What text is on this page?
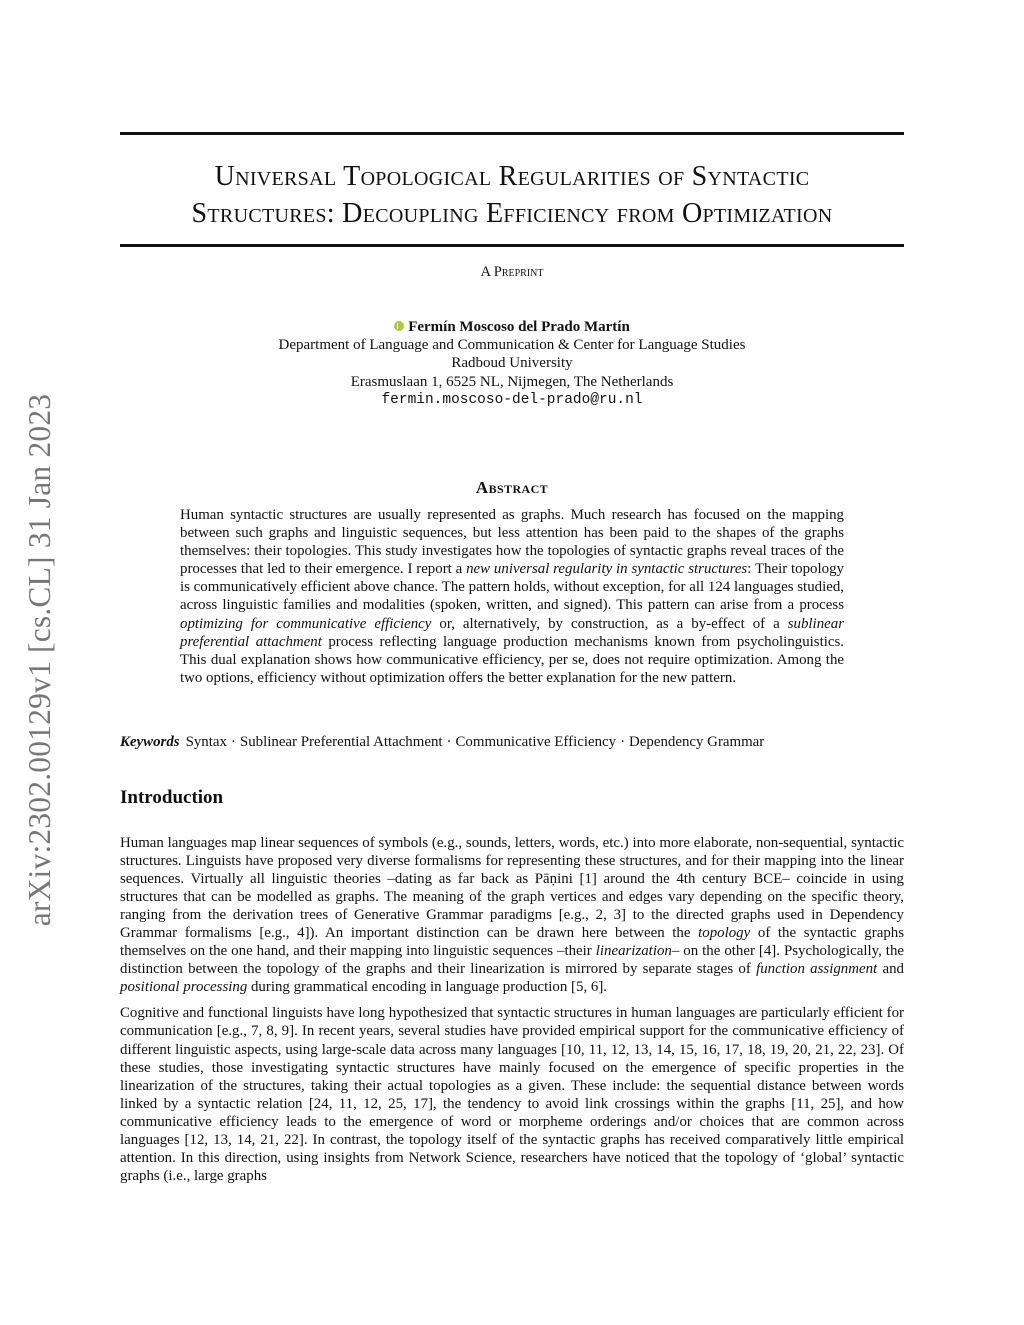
arXiv:2302.00129v1 [cs.CL] 31 Jan 2023
Universal Topological Regularities of Syntactic
Structures: Decoupling Efficiency from Optimization
A Preprint
Fermín Moscoso del Prado Martín
Department of Language and Communication & Center for Language Studies
Radboud University
Erasmuslaan 1, 6525 NL, Nijmegen, The Netherlands
fermin.moscoso-del-prado@ru.nl
Abstract
Human syntactic structures are usually represented as graphs. Much research has focused on the mapping between such graphs and linguistic sequences, but less attention has been paid to the shapes of the graphs themselves: their topologies. This study investigates how the topologies of syntactic graphs reveal traces of the processes that led to their emergence. I report a new universal regularity in syntactic structures: Their topology is communicatively efficient above chance. The pattern holds, without exception, for all 124 languages studied, across linguistic families and modalities (spoken, written, and signed). This pattern can arise from a process optimizing for communicative efficiency or, alternatively, by construction, as a by-effect of a sublinear preferential attachment process reflecting language production mechanisms known from psycholinguistics. This dual explanation shows how communicative efficiency, per se, does not require optimization. Among the two options, efficiency without optimization offers the better explanation for the new pattern.
Keywords Syntax · Sublinear Preferential Attachment · Communicative Efficiency · Dependency Grammar
Introduction

Human languages map linear sequences of symbols (e.g., sounds, letters, words, etc.) into more elaborate, non-sequential, syntactic structures. Linguists have proposed very diverse formalisms for representing these structures, and for their mapping into the linear sequences. Virtually all linguistic theories –dating as far back as Pāṇini [1] around the 4th century BCE– coincide in using structures that can be modelled as graphs. The meaning of the graph vertices and edges vary depending on the specific theory, ranging from the derivation trees of Generative Grammar paradigms [e.g., 2, 3] to the directed graphs used in Dependency Grammar formalisms [e.g., 4]). An important distinction can be drawn here between the topology of the syntactic graphs themselves on the one hand, and their mapping into linguistic sequences –their linearization– on the other [4]. Psychologically, the distinction between the topology of the graphs and their linearization is mirrored by separate stages of function assignment and positional processing during grammatical encoding in language production [5, 6].

Cognitive and functional linguists have long hypothesized that syntactic structures in human languages are particularly efficient for communication [e.g., 7, 8, 9]. In recent years, several studies have provided empirical support for the communicative efficiency of different linguistic aspects, using large-scale data across many languages [10, 11, 12, 13, 14, 15, 16, 17, 18, 19, 20, 21, 22, 23]. Of these studies, those investigating syntactic structures have mainly focused on the emergence of specific properties in the linearization of the structures, taking their actual topologies as a given. These include: the sequential distance between words linked by a syntactic relation [24, 11, 12, 25, 17], the tendency to avoid link crossings within the graphs [11, 25], and how communicative efficiency leads to the emergence of word or morpheme orderings and/or choices that are common across languages [12, 13, 14, 21, 22]. In contrast, the topology itself of the syntactic graphs has received comparatively little empirical attention. In this direction, using insights from Network Science, researchers have noticed that the topology of ‘global’ syntactic graphs (i.e., large graphs
